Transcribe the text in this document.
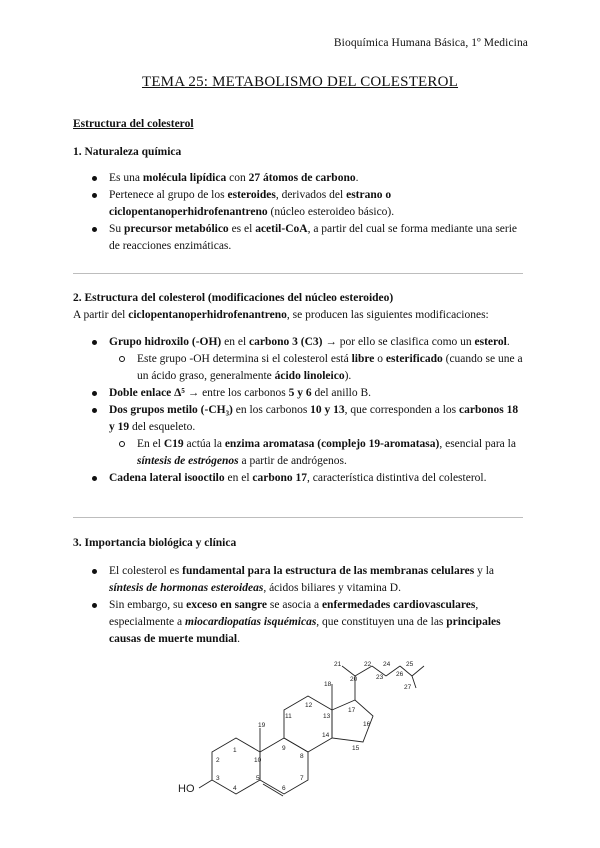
Bioquímica Humana Básica, 1º Medicina
TEMA 25: METABOLISMO DEL COLESTEROL
Estructura del colesterol
1. Naturaleza química
Es una molécula lipídica con 27 átomos de carbono.
Pertenece al grupo de los esteroides, derivados del estrano o ciclopentanoperhidrofenantreno (núcleo esteroideo básico).
Su precursor metabólico es el acetil-CoA, a partir del cual se forma mediante una serie de reacciones enzimáticas.
2. Estructura del colesterol (modificaciones del núcleo esteroideo)
A partir del ciclopentanoperhidrofenantreno, se producen las siguientes modificaciones:
Grupo hidroxilo (-OH) en el carbono 3 (C3) → por ello se clasifica como un esterol.
Este grupo -OH determina si el colesterol está libre o esterificado (cuando se une a un ácido graso, generalmente ácido linoleico).
Doble enlace Δ⁵ → entre los carbonos 5 y 6 del anillo B.
Dos grupos metilo (-CH₃) en los carbonos 10 y 13, que corresponden a los carbonos 18 y 19 del esqueleto.
En el C19 actúa la enzima aromatasa (complejo 19-aromatasa), esencial para la síntesis de estrógenos a partir de andrógenos.
Cadena lateral isooctilo en el carbono 17, característica distintiva del colesterol.
3. Importancia biológica y clínica
El colesterol es fundamental para la estructura de las membranas celulares y la síntesis de hormonas esteroideas, ácidos biliares y vitamina D.
Sin embargo, su exceso en sangre se asocia a enfermedades cardiovasculares, especialmente a miocardiopatías isquémicas, que constituyen una de las principales causas de muerte mundial.
HO
1
2
3
4
5
6
7
8
9
10
11
12
13
14
15
16
17
18
19
20
21	22
23
24 25
26
27
